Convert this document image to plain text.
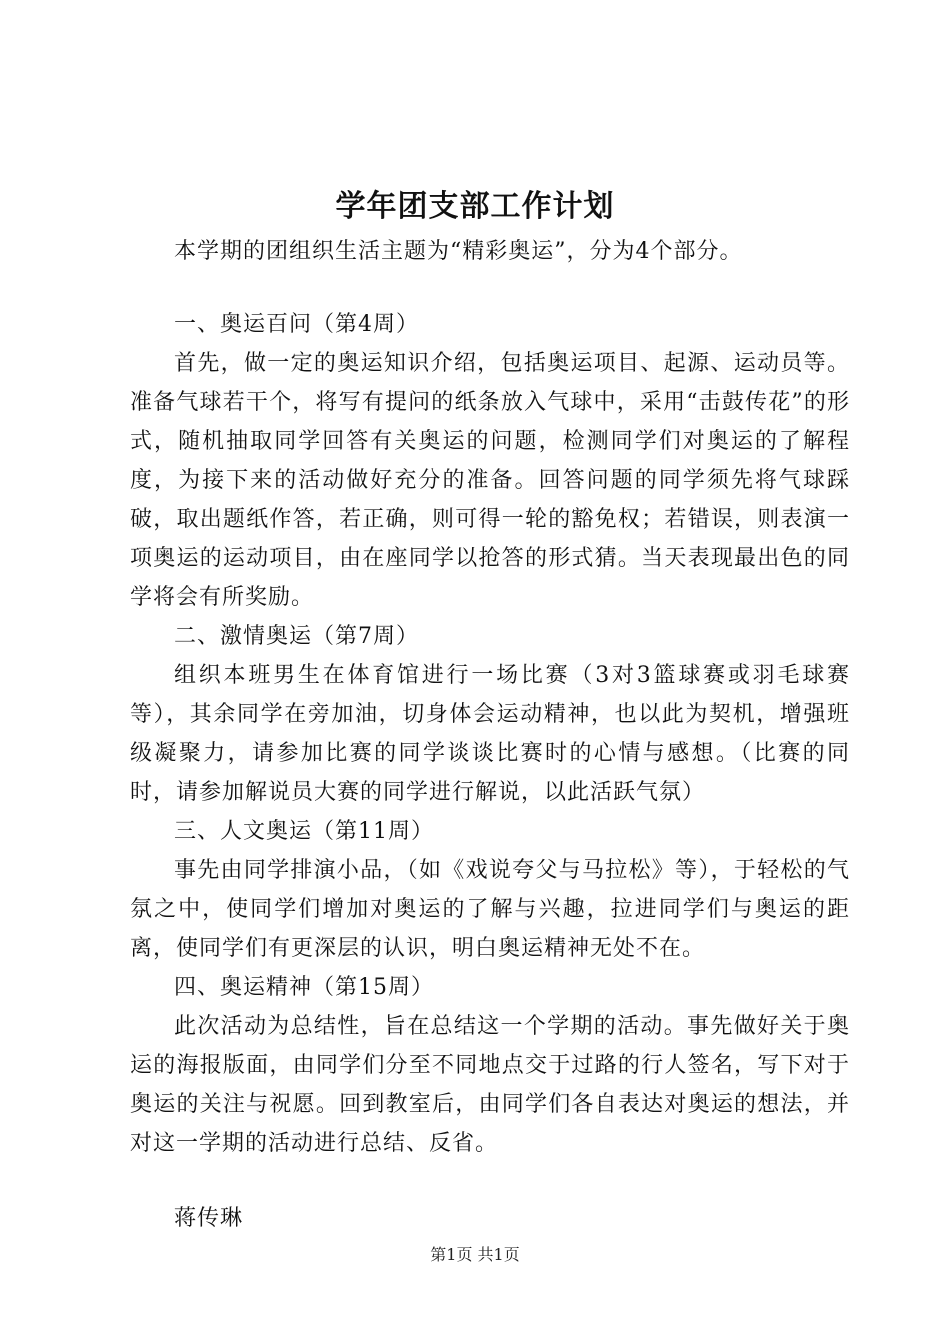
学年团支部工作计划

本学期的团组织生活主题为“精彩奥运”，分为4个部分。

一、奥运百问（第4周）

首先，做一定的奥运知识介绍，包括奥运项目、起源、运动员等。准备气球若干个，将写有提问的纸条放入气球中，采用“击鼓传花”的形式，随机抽取同学回答有关奥运的问题，检测同学们对奥运的了解程度，为接下来的活动做好充分的准备。回答问题的同学须先将气球踩破，取出题纸作答，若正确，则可得一轮的豁免权；若错误，则表演一项奥运的运动项目，由在座同学以抢答的形式猜。当天表现最出色的同学将会有所奖励。

二、激情奥运（第7周）

组织本班男生在体育馆进行一场比赛（3对3篮球赛或羽毛球赛等），其余同学在旁加油，切身体会运动精神，也以此为契机，增强班级凝聚力，请参加比赛的同学谈谈比赛时的心情与感想。（比赛的同时，请参加解说员大赛的同学进行解说，以此活跃气氛）

三、人文奥运（第11周）

事先由同学排演小品，（如《戏说夸父与马拉松》等），于轻松的气氛之中，使同学们增加对奥运的了解与兴趣，拉进同学们与奥运的距离，使同学们有更深层的认识，明白奥运精神无处不在。

四、奥运精神（第15周）

此次活动为总结性，旨在总结这一个学期的活动。事先做好关于奥运的海报版面，由同学们分至不同地点交于过路的行人签名，写下对于奥运的关注与祝愿。回到教室后，由同学们各自表达对奥运的想法，并对这一学期的活动进行总结、反省。

蒋传琳

第1页 共1页
